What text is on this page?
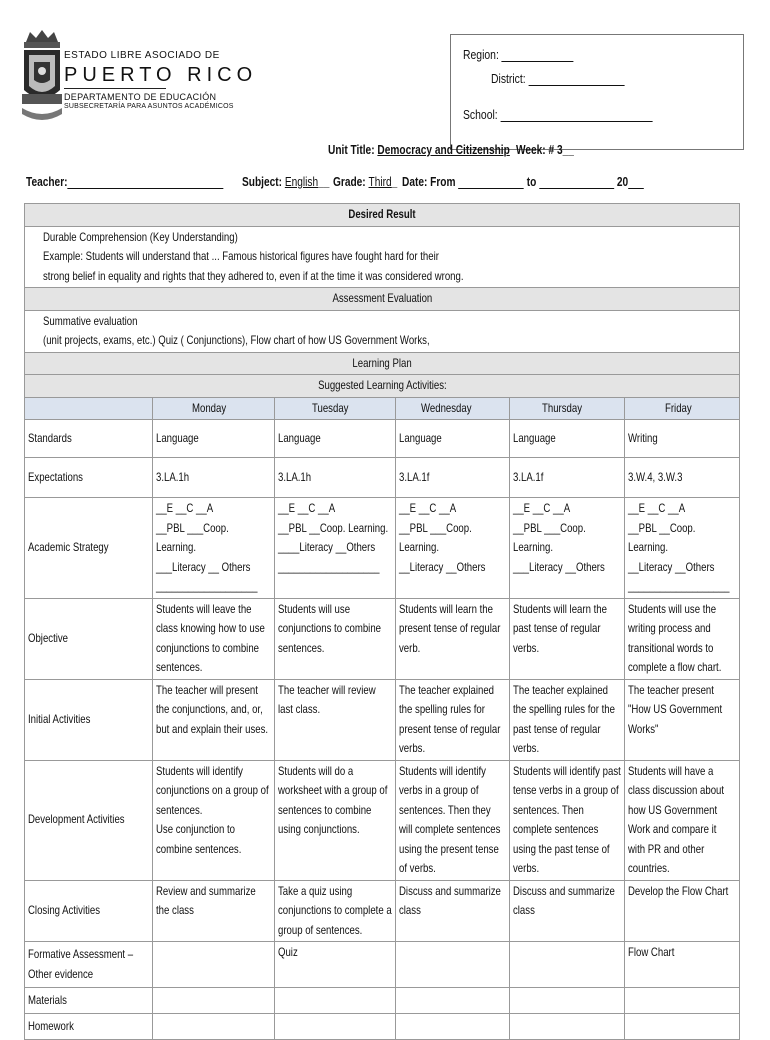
ESTADO LIBRE ASOCIADO DE
PUERTO RICO
DEPARTAMENTO DE EDUCACIÓN
SUBSECRETARÍA PARA ASUNTOS ACADÉMICOS
Region:
District:
School:
Unit Title: Democracy and Citizenship Week: # 3__
Teacher:	Subject: English__ Grade: Third_ Date: From	to	20
Desired Result					
Durable Comprehension (Key Understanding)
Example: Students will understand that ... Famous historical figures have fought hard for their
strong belief in equality and rights that they adhered to, even if at the time it was considered wrong.					
Assessment Evaluation					
Summative evaluation
(unit projects, exams, etc.) Quiz ( Conjunctions), Flow chart of how US Government Works,					
Learning Plan					
Suggested Learning Activities:					
	Monday	Tuesday	Wednesday	Thursday	Friday
Standards	Language	Language	Language	Language	Writing
Expectations	3.LA.1h	3.LA.1h	3.LA.1f	3.LA.1f	3.W.4, 3.W.3
Academic Strategy	__E __C __A
__PBL ___Coop. Learning.
___Literacy __ Others
___________________	__E __C __A
__PBL __Coop. Learning.
____Literacy __Others
___________________	__E __C __A
__PBL ___Coop.
Learning.
__Literacy __Others	__E __C __A
__PBL ___Coop.
Learning.
___Literacy __Others	__E __C __A
__PBL __Coop.
Learning.
__Literacy __Others
___________________
Objective	Students will leave the class knowing how to use conjunctions to combine sentences.	Students will use conjunctions to combine sentences.	Students will learn the present tense of regular verb.	Students will learn the past tense of regular verbs.	Students will use the writing process and transitional words to complete a flow chart.
Initial Activities	The teacher will present the conjunctions, and, or, but and explain their uses.	The teacher will review last class.	The teacher explained the spelling rules for present tense of regular verbs.	The teacher explained the spelling rules for the past tense of regular verbs.	The teacher present "How US Government Works"
Development Activities	Students will identify conjunctions on a group of sentences.
Use conjunction to combine sentences.	Students will do a worksheet with a group of sentences to combine using conjunctions.	Students will identify verbs in a group of sentences. Then they will complete sentences using the present tense of verbs.	Students will identify past tense verbs in a group of sentences. Then complete sentences using the past tense of verbs.	Students will have a class discussion about how US Government Work and compare it with PR and other countries.
Closing Activities	Review and summarize the class	Take a quiz using conjunctions to complete a group of sentences.	Discuss and summarize class	Discuss and summarize class	Develop the Flow Chart
Formative Assessment – Other evidence		Quiz			Flow Chart
Materials					
Homework					
